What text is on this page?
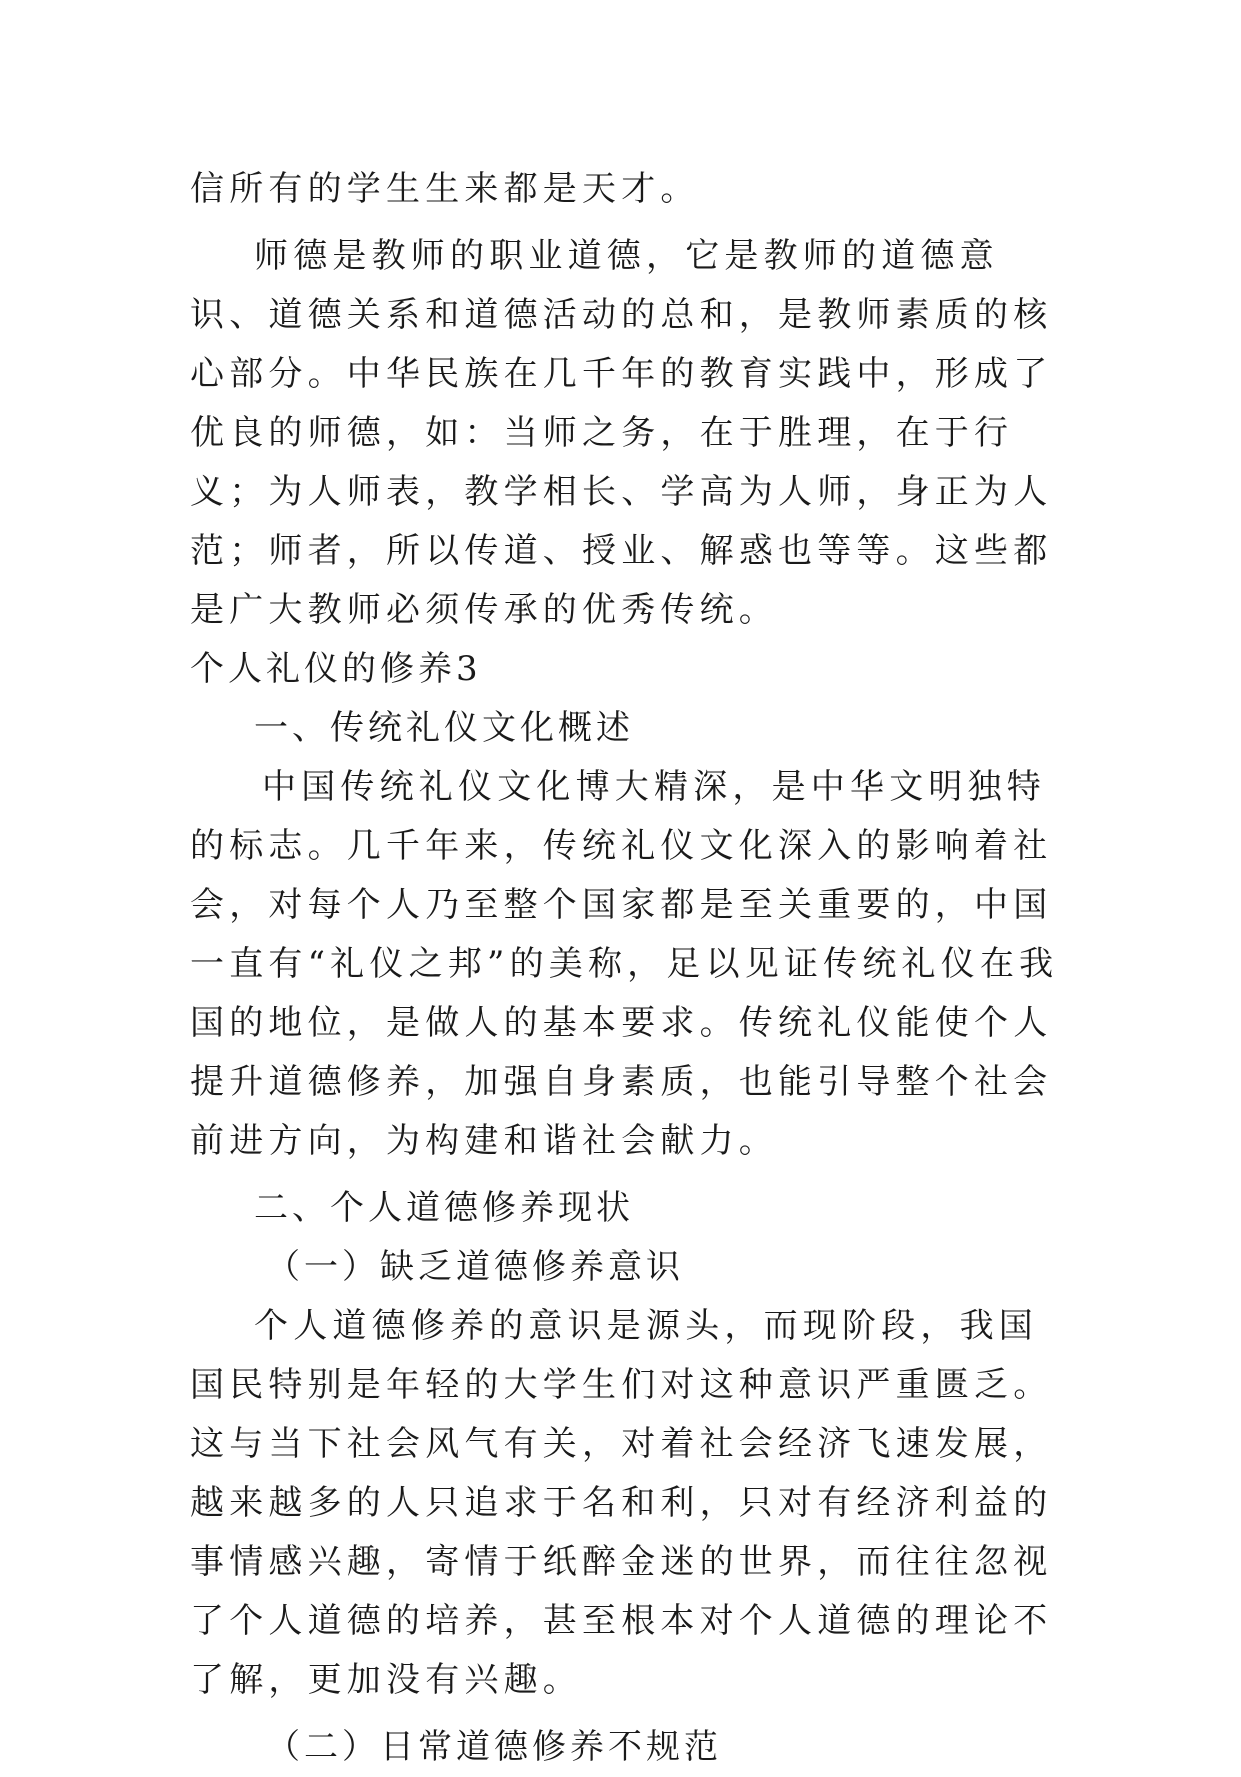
信所有的学生生来都是天才。

师德是教师的职业道德，它是教师的道德意识、道德关系和道德活动的总和，是教师素质的核心部分。中华民族在几千年的教育实践中，形成了优良的师德，如：当师之务，在于胜理，在于行义；为人师表，教学相长、学高为人师，身正为人范；师者，所以传道、授业、解惑也等等。这些都是广大教师必须传承的优秀传统。

个人礼仪的修养3

一、传统礼仪文化概述

中国传统礼仪文化博大精深，是中华文明独特的标志。几千年来，传统礼仪文化深入的影响着社会，对每个人乃至整个国家都是至关重要的，中国一直有“礼仪之邦”的美称，足以见证传统礼仪在我国的地位，是做人的基本要求。传统礼仪能使个人提升道德修养，加强自身素质，也能引导整个社会前进方向，为构建和谐社会献力。

二、个人道德修养现状

（一）缺乏道德修养意识

个人道德修养的意识是源头，而现阶段，我国国民特别是年轻的大学生们对这种意识严重匮乏。这与当下社会风气有关，对着社会经济飞速发展，越来越多的人只追求于名和利，只对有经济利益的事情感兴趣，寄情于纸醉金迷的世界，而往往忽视了个人道德的培养，甚至根本对个人道德的理论不了解，更加没有兴趣。

（二）日常道德修养不规范
